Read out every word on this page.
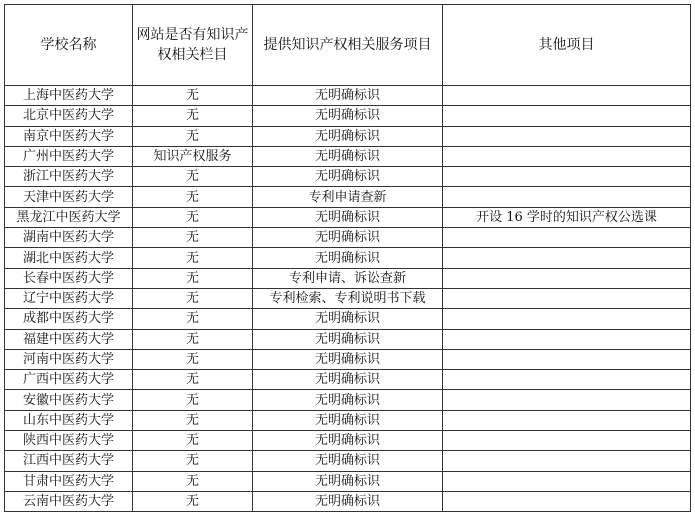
学校名称	网站是否有知识产权相关栏目	提供知识产权相关服务项目	其他项目
上海中医药大学	无	无明确标识	
北京中医药大学	无	无明确标识	
南京中医药大学	无	无明确标识	
广州中医药大学	知识产权服务	无明确标识	
浙江中医药大学	无	无明确标识	
天津中医药大学	无	专利申请查新	
黑龙江中医药大学	无	无明确标识	开设 16 学时的知识产权公选课
湖南中医药大学	无	无明确标识	
湖北中医药大学	无	无明确标识	
长春中医药大学	无	专利申请、诉讼查新	
辽宁中医药大学	无	专利检索、专利说明书下载	
成都中医药大学	无	无明确标识	
福建中医药大学	无	无明确标识	
河南中医药大学	无	无明确标识	
广西中医药大学	无	无明确标识	
安徽中医药大学	无	无明确标识	
山东中医药大学	无	无明确标识	
陕西中医药大学	无	无明确标识	
江西中医药大学	无	无明确标识	
甘肃中医药大学	无	无明确标识	
云南中医药大学	无	无明确标识	
